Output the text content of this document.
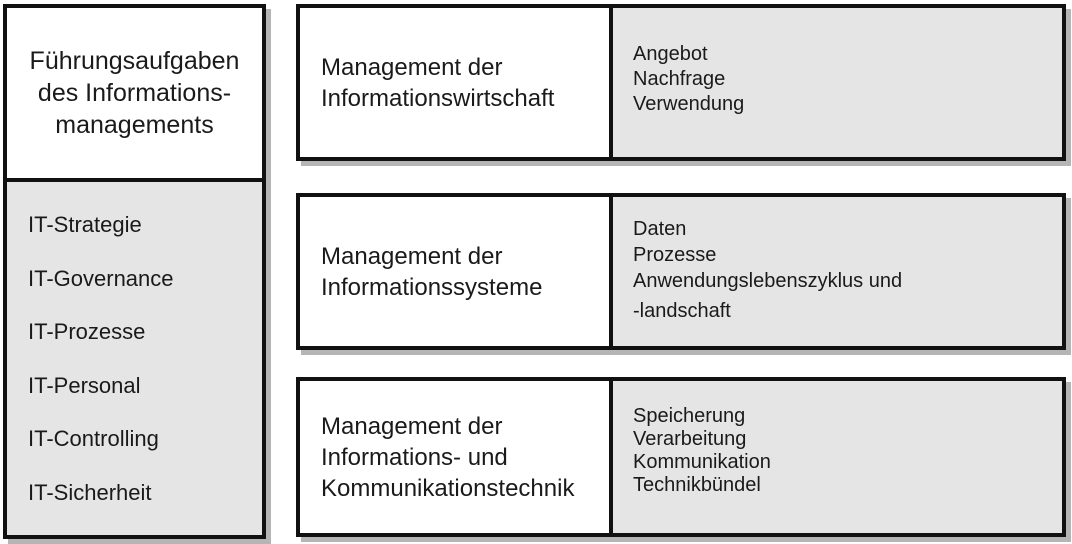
Führungsaufgaben
des Informations-
managements
IT-Strategie
IT-Governance
IT-Prozesse
IT-Personal
IT-Controlling
IT-Sicherheit
Management der
Informationswirtschaft
Angebot
Nachfrage
Verwendung
Management der
Informationssysteme
Daten
Prozesse
Anwendungslebenszyklus und
-landschaft
Management der
Informations- und
Kommunikationstechnik
Speicherung
Verarbeitung
Kommunikation
Technikbündel
